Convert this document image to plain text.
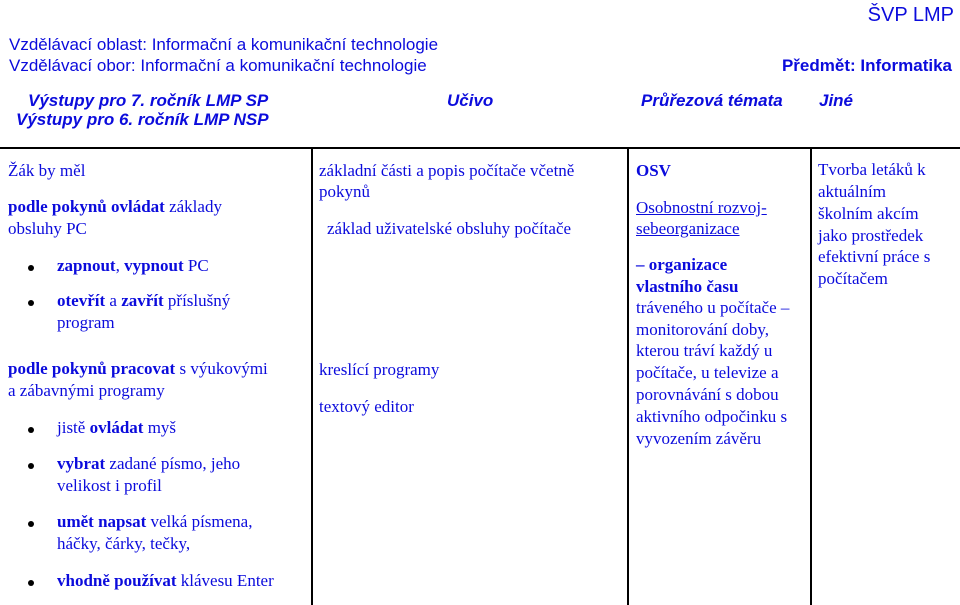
ŠVP LMP
Vzdělávací oblast: Informační a komunikační technologie
Vzdělávací obor: Informační a komunikační technologie	Předmět: Informatika
Výstupy pro 7. ročník LMP SP
Výstupy pro 6. ročník LMP NSP
Učivo	Průřezová témata Jiné
Žák by měl
podle pokynů ovládat základy
obsluhy PC
zapnout, vypnout PC
otevřít a zavřít příslušný
program
podle pokynů pracovat s výukovými
a zábavnými programy
jistě ovládat myš
vybrat zadané písmo, jeho
velikost i profil
umět napsat velká písmena,
háčky, čárky, tečky,
vhodně používat klávesu Enter
základní části a popis počítače včetně
pokynů
základ uživatelské obsluhy počítače
kreslící programy
textový editor
OSV
Osobnostní rozvoj-
sebeorganizace
– organizace
vlastního času
tráveného u počítače –
monitorování doby,
kterou tráví každý u
počítače, u televize a
porovnávání s dobou
aktivního odpočinku s
vyvozením závěru
Tvorba letáků k
aktuálním
školním akcím
jako prostředek
efektivní práce s
počítačem
